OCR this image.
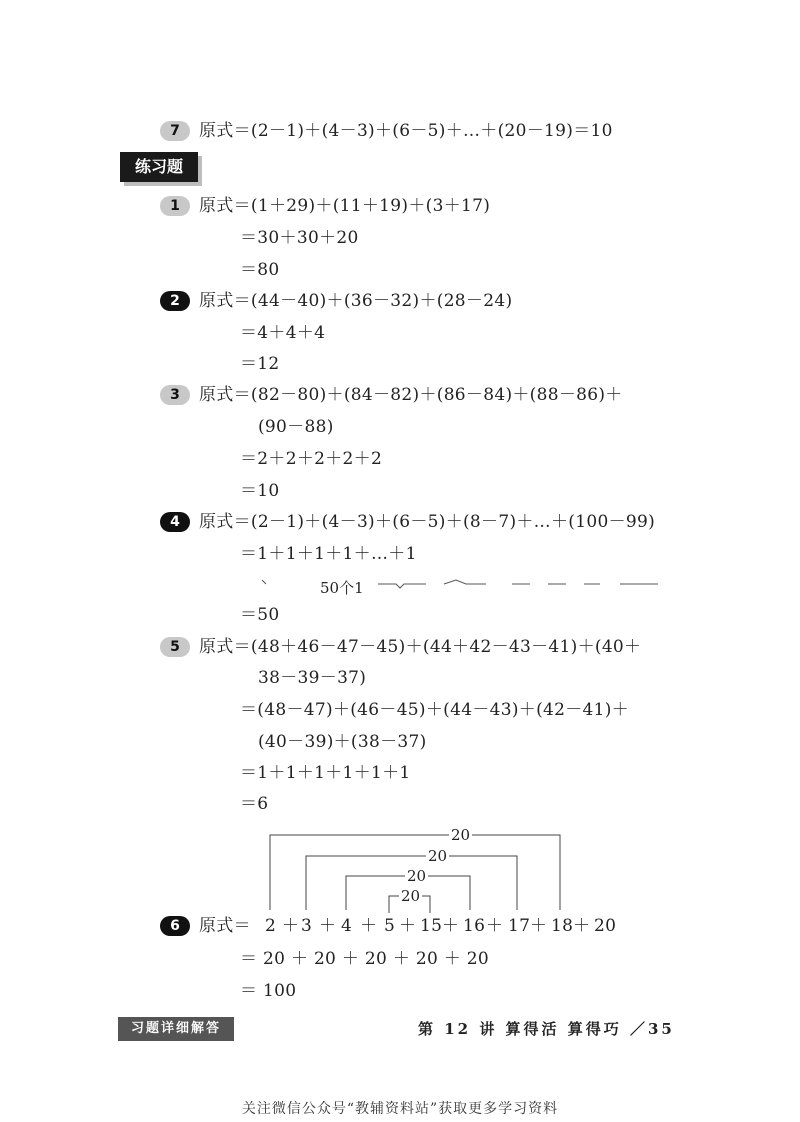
7	原式＝(2－1)＋(4－3)＋(6－5)＋…＋(20－19)＝10
练习题
1	原式＝(1＋29)＋(11＋19)＋(3＋17)
＝30＋30＋20
＝80
2	原式＝(44－40)＋(36－32)＋(28－24)
＝4＋4＋4
＝12
3	原式＝(82－80)＋(84－82)＋(86－84)＋(88－86)＋
(90－88)
＝2＋2＋2＋2＋2
＝10
4	原式＝(2－1)＋(4－3)＋(6－5)＋(8－7)＋…＋(100－99)
＝1＋1＋1＋1＋…＋1
50个1
＝50
5	原式＝(48＋46－47－45)＋(44＋42－43－41)＋(40＋
38－39－37)
＝(48－47)＋(46－45)＋(44－43)＋(42－41)＋
(40－39)＋(38－37)
＝1＋1＋1＋1＋1＋1
＝6
20
20
20
20
6	原式＝ 2 ＋ 3 ＋ 4 ＋ 5 ＋ 15 ＋ 16 ＋ 17 ＋ 18 ＋ 20
＝ 20 ＋ 20 ＋ 20 ＋ 20 ＋ 20
＝ 100
习题详细解答	第 12 讲 算得活 算得巧 ／35
关注微信公众号“教辅资料站”获取更多学习资料
